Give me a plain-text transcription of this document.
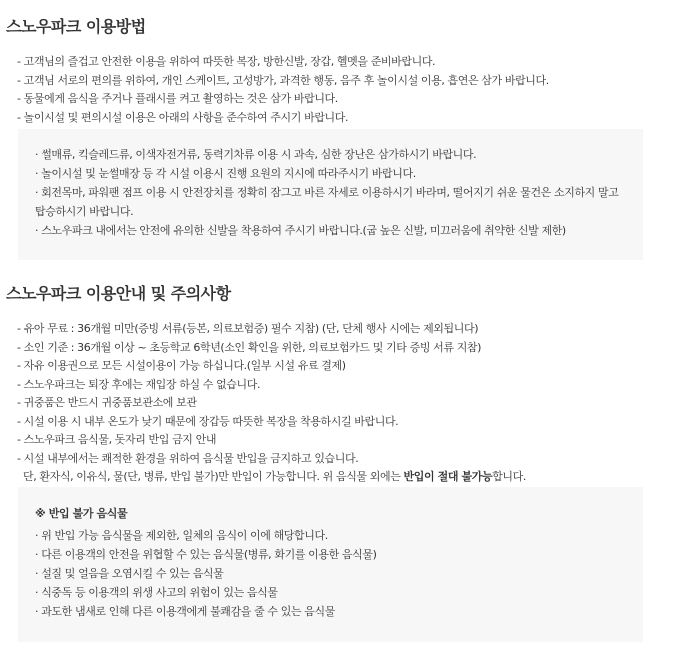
스노우파크 이용방법
- 고객님의 즐겁고 안전한 이용을 위하여 따뜻한 복장, 방한신발, 장갑, 헬멧을 준비바랍니다.
- 고객님 서로의 편의를 위하여, 개인 스케이트, 고성방가, 과격한 행동, 음주 후 놀이시설 이용, 흡연은 삼가 바랍니다.
- 동물에게 음식을 주거나 플래시를 켜고 촬영하는 것은 삼가 바랍니다.
- 놀이시설 및 편의시설 이용은 아래의 사항을 준수하여 주시기 바랍니다.
· 썰매류, 킥슬레드류, 이색자전거류, 동력기차류 이용 시 과속, 심한 장난은 삼가하시기 바랍니다.
· 놀이시설 및 눈썰매장 등 각 시설 이용시 진행 요원의 지시에 따라주시기 바랍니다.
· 회전목마, 파워팬 점프 이용 시 안전장치를 정확히 잠그고 바른 자세로 이용하시기 바라며, 떨어지기 쉬운 물건은 소지하지 말고 탑승하시기 바랍니다.
· 스노우파크 내에서는 안전에 유의한 신발을 착용하여 주시기 바랍니다.(굽 높은 신발, 미끄러움에 취약한 신발 제한)
스노우파크 이용안내 및 주의사항
- 유아 무료 : 36개월 미만(증빙 서류(등본, 의료보험증) 필수 지참) (단, 단체 행사 시에는 제외됩니다)
- 소인 기준 : 36개월 이상 ~ 초등학교 6학년(소인 확인을 위한, 의료보험카드 및 기타 증빙 서류 지참)
- 자유 이용권으로 모든 시설이용이 가능 하십니다.(일부 시설 유료 결제)
- 스노우파크는 퇴장 후에는 재입장 하실 수 없습니다.
- 귀중품은 반드시 귀중품보관소에 보관
- 시설 이용 시 내부 온도가 낮기 때문에 장갑등 따뜻한 복장을 착용하시길 바랍니다.
- 스노우파크 음식물, 돗자리 반입 금지 안내
- 시설 내부에서는 쾌적한 환경을 위하여 음식물 반입을 금지하고 있습니다.
단, 환자식, 이유식, 물(단, 병류, 반입 불가)만 반입이 가능합니다. 위 음식물 외에는 반입이 절대 불가능합니다.
※ 반입 불가 음식물
· 위 반입 가능 음식물을 제외한, 일체의 음식이 이에 해당합니다.
· 다른 이용객의 안전을 위협할 수 있는 음식물(병류, 화기를 이용한 음식물)
· 설질 및 얼음을 오염시킬 수 있는 음식물
· 식중독 등 이용객의 위생 사고의 위험이 있는 음식물
· 과도한 냄새로 인해 다른 이용객에게 불쾌감을 줄 수 있는 음식물
